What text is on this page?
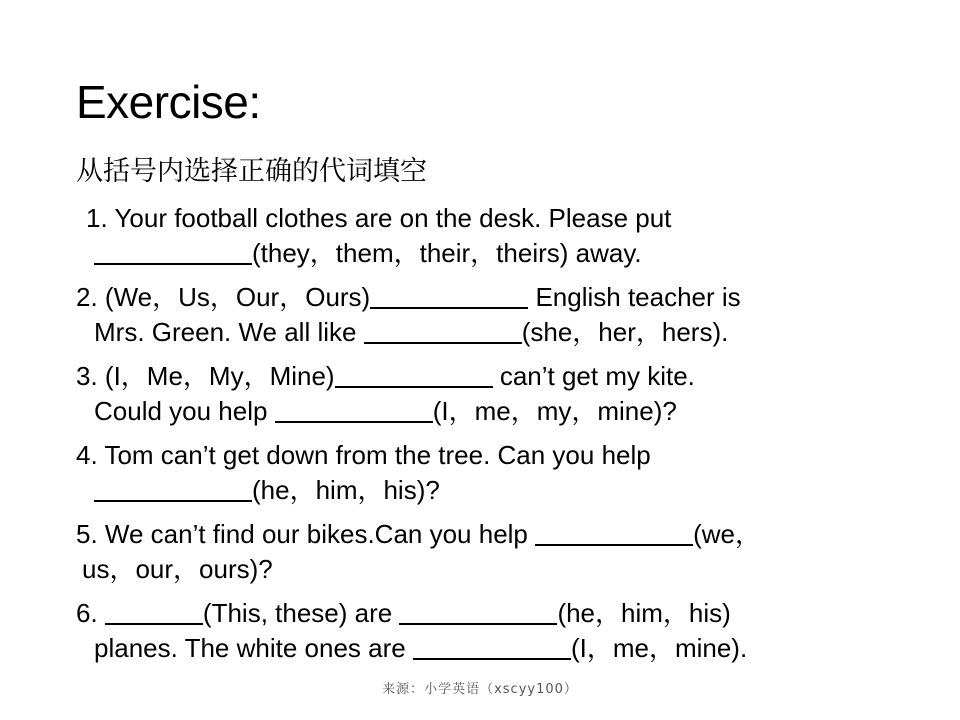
Exercise:
从括号内选择正确的代词填空
1. Your football clothes are on the desk. Please put
(they，them，their，theirs) away.
2. (We，Us，Our，Ours)	English teacher is
Mrs. Green. We all like	(she，her，hers).
3. (I，Me，My，Mine)	can’t get my kite.
Could you help	(I，me，my，mine)?
4. Tom can’t get down from the tree. Can you help
(he，him，his)?
5. We can’t find our bikes.Can you help	(we，
us，our，ours)?
6.	(This, these) are	(he，him，his)
planes. The white ones are	(I，me，mine).
来源：小学英语（xscyy100）
